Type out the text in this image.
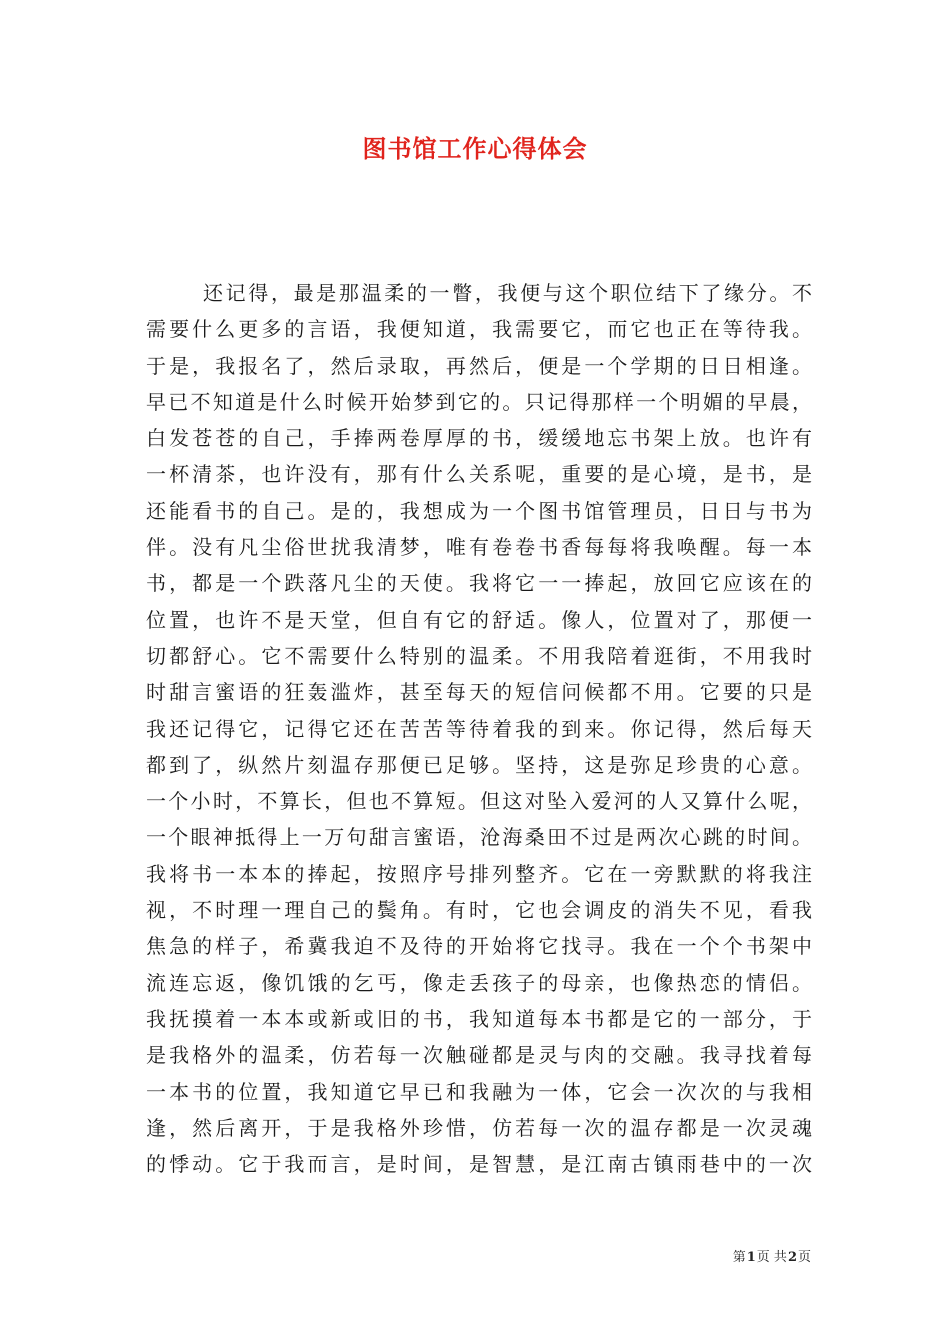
图书馆工作心得体会
还记得，最是那温柔的一瞥，我便与这个职位结下了缘分。不
需要什么更多的言语，我便知道，我需要它，而它也正在等待我。
于是，我报名了，然后录取，再然后，便是一个学期的日日相逢。
早已不知道是什么时候开始梦到它的。只记得那样一个明媚的早晨，
白发苍苍的自己，手捧两卷厚厚的书，缓缓地忘书架上放。也许有
一杯清茶，也许没有，那有什么关系呢，重要的是心境，是书，是
还能看书的自己。是的，我想成为一个图书馆管理员，日日与书为
伴。没有凡尘俗世扰我清梦，唯有卷卷书香每每将我唤醒。每一本
书，都是一个跌落凡尘的天使。我将它一一捧起，放回它应该在的
位置，也许不是天堂，但自有它的舒适。像人，位置对了，那便一
切都舒心。它不需要什么特别的温柔。不用我陪着逛街，不用我时
时甜言蜜语的狂轰滥炸，甚至每天的短信问候都不用。它要的只是
我还记得它，记得它还在苦苦等待着我的到来。你记得，然后每天
都到了，纵然片刻温存那便已足够。坚持，这是弥足珍贵的心意。
一个小时，不算长，但也不算短。但这对坠入爱河的人又算什么呢，
一个眼神抵得上一万句甜言蜜语，沧海桑田不过是两次心跳的时间。
我将书一本本的捧起，按照序号排列整齐。它在一旁默默的将我注
视，不时理一理自己的鬓角。有时，它也会调皮的消失不见，看我
焦急的样子，希冀我迫不及待的开始将它找寻。我在一个个书架中
流连忘返，像饥饿的乞丐，像走丢孩子的母亲，也像热恋的情侣。
我抚摸着一本本或新或旧的书，我知道每本书都是它的一部分，于
是我格外的温柔，仿若每一次触碰都是灵与肉的交融。我寻找着每
一本书的位置，我知道它早已和我融为一体，它会一次次的与我相
逢，然后离开，于是我格外珍惜，仿若每一次的温存都是一次灵魂
的悸动。它于我而言，是时间，是智慧，是江南古镇雨巷中的一次
第1页 共2页
